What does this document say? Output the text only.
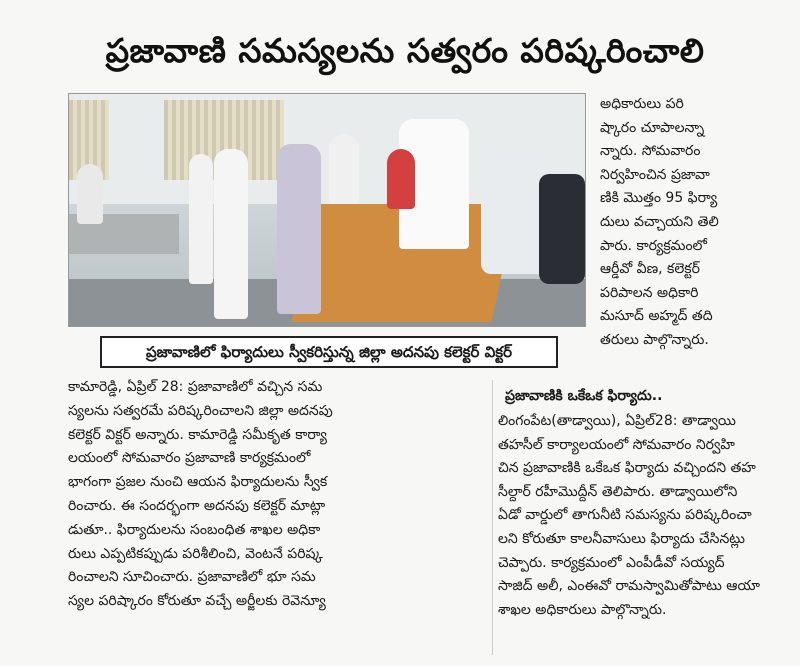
ప్రజావాణి సమస్యలను సత్వరం పరిష్కరించాలి
ప్రజావాణిలో ఫిర్యాదులు స్వీకరిస్తున్న జిల్లా అదనపు కలెక్టర్ విక్టర్
అధికారులు పరి
ష్కారం చూపాలన్నా
న్నారు. సోమవారం
నిర్వహించిన ప్రజావా
ణికి మొత్తం 95 ఫిర్యా
దులు వచ్చాయని తెలి
పారు. కార్యక్రమంలో
ఆర్డీవో వీణ, కలెక్టర్
పరిపాలన అధికారి
మసూద్ అహ్మద్ తది
తరులు పాల్గొన్నారు.
కామారెడ్డి, ఏప్రిల్ 28: ప్రజావాణిలో వచ్చిన సమ
స్యలను సత్వరమే పరిష్కరించాలని జిల్లా అదనపు
కలెక్టర్ విక్టర్ అన్నారు. కామారెడ్డి సమీకృత కార్యా
లయంలో సోమవారం ప్రజావాణి కార్యక్రమంలో
భాగంగా ప్రజల నుంచి ఆయన ఫిర్యాదులను స్వీక
రించారు. ఈ సందర్భంగా అదనపు కలెక్టర్ మాట్లా
డుతూ.. ఫిర్యాదులను సంబంధిత శాఖల అధికా
రులు ఎప్పటికప్పుడు పరిశీలించి, వెంటనే పరిష్క
రించాలని సూచించారు. ప్రజావాణిలో భూ సమ
స్యల పరిష్కారం కోరుతూ వచ్చే అర్జీలకు రెవెన్యూ
ప్రజావాణికి ఒకేఒక ఫిర్యాదు..
లింగంపేట(తాడ్వాయి), ఏప్రిల్28: తాడ్వాయి
తహసీల్ కార్యాలయంలో సోమవారం నిర్వహి
చిన ప్రజావాణికి ఒకేఒక ఫిర్యాదు వచ్చిందని తహ
సీల్దార్ రహీమొద్దీన్ తెలిపారు. తాడ్వాయిలోని
ఏడో వార్డులో తాగునీటి సమస్యను పరిష్కరించా
లని కోరుతూ కాలనీవాసులు ఫిర్యాదు చేసినట్లు
చెప్పారు. కార్యక్రమంలో ఎంపీడీవో సయ్యద్
సాజిద్ అలీ, ఎంఈవో రామస్వామితోపాటు ఆయా
శాఖల అధికారులు పాల్గొన్నారు.
